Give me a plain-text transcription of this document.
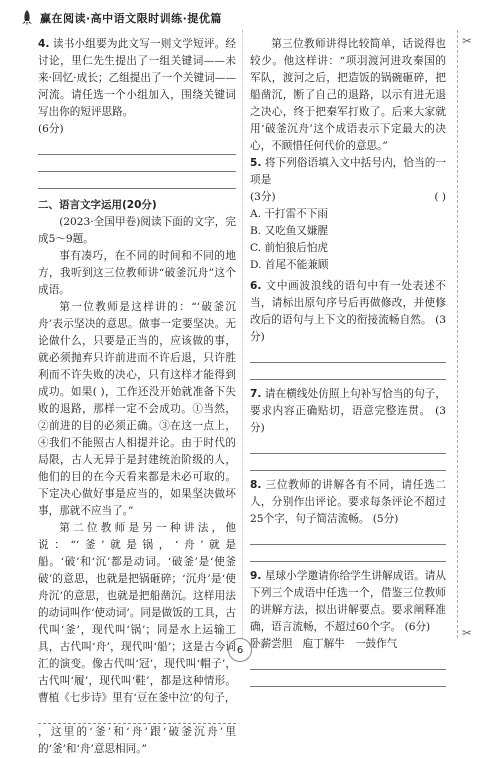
赢在阅读·高中语文限时训练·提优篇
✂
✂

4. 读书小组要为此文写一则文学短评。经讨论，里仁先生提出了一组关键词——未来·回忆·成长；乙组提出了一个关键词——河流。请任选一个小组加入，围绕关键词写出你的短评思路。

(6分)

二、语言文字运用(20分)

(2023·全国甲卷)阅读下面的文字，完成5～9题。

事有凑巧，在不同的时间和不同的地方，我听到这三位教师讲“破釜沉舟”这个成语。

第一位教师是这样讲的：“‘破釜沉舟’表示坚决的意思。做事一定要坚决。无论做什么，只要是正当的，应该做的事，就必须抛弃只许前进而不许后退，只许胜利而不许失败的决心，只有这样才能得到成功。如果( )，工作还没开始就准备下失败的退路，那样一定不会成功。①当然，②前进的目的必须正确。③在这一点上，④我们不能照古人相提并论。由于时代的局限，古人无异于是封建统治阶级的人，他们的目的在今天看来都是未必可取的。下定决心做好事是应当的，如果坚决做坏事，那就不应当了。”

第二位教师是另一种讲法，他说：“‘釜’就是锅，‘舟’就是船。‘破’和‘沉’都是动词。‘破釜’是‘使釜破’的意思，也就是把锅砸碎；‘沉舟’是‘使舟沉’的意思，也就是把船凿沉。这样用法的动词叫作‘使动词’。同是做饭的工具，古代叫‘釜’，现代叫‘锅’；同是水上运输工具，古代叫‘舟’，现代叫‘船’；这是古今词汇的演变。像古代叫‘冠’，现代叫‘帽子’，古代叫‘履’，现代叫‘鞋’，都是这种情形。曹植《七步诗》里有‘豆在釜中泣’的句子，

，这里的‘釜’和‘舟’跟‘破釜沉舟’里的‘釜’和‘舟’意思相同。”

第三位教师讲得比较简单，话说得也较少。他这样讲：“项羽渡河进攻秦国的军队，渡河之后，把造饭的锅碗砸碎，把船凿沉，断了自己的退路，以示有进无退之决心，终于把秦军打败了。后来大家就用‘破釜沉舟’这个成语表示下定最大的决心，不顾惜任何代价的意思。”

5. 将下列俗语填入文中括号内，恰当的一项是

(3分)	( )

A. 干打雷不下雨
B. 又吃鱼又嫌腥
C. 前怕狼后怕虎
D. 首尾不能兼顾

6. 文中画波浪线的语句中有一处表述不当，请标出原句序号后再做修改，并使修改后的语句与上下文的衔接流畅自然。 (3分)

7. 请在横线处仿照上句补写恰当的句子，要求内容正确贴切，语意完整连贯。 (3分)

8. 三位教师的讲解各有不同，请任选二人，分别作出评论。要求每条评论不超过25个字，句子简洁流畅。 (5分)

9. 星球小学邀请你给学生讲解成语。请从下列三个成语中任选一个，借鉴三位教师的讲解方法，拟出讲解要点。要求阐释准确，语言流畅，不超过60个字。 (6分)

卧薪尝胆 庖丁解牛 一鼓作气

6
